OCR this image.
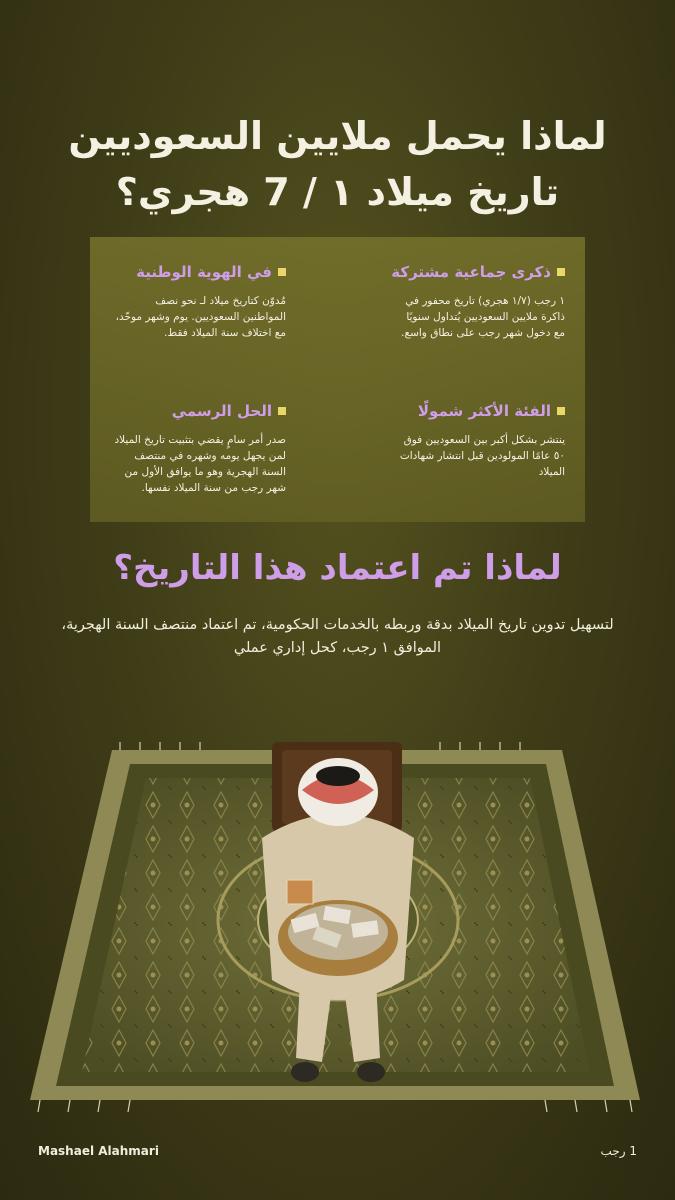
لماذا يحمل ملايين السعوديين
تاريخ ميلاد ١ / 7 هجري؟
ذكرى جماعية مشتركة
١ رجب (١/٧ هجري) تاريخ محفور في ذاكرة ملايين السعوديين يُتداول سنويًا مع دخول شهر رجب على نطاق واسع.
في الهوية الوطنية
مُدوّن كتاريخ ميلاد لـ نحو نصف المواطنين السعوديين. يوم وشهر موحّد، مع اختلاف سنة الميلاد فقط.
الفئة الأكثر شمولًا
ينتشر بشكل أكبر بين السعوديين فوق ٥٠ عامًا المولودين قبل انتشار شهادات الميلاد
الحل الرسمي
صدر أمر سامٍ يقضي بتثبيت تاريخ الميلاد لمن يجهل يومه وشهره في منتصف السنة الهجرية وهو ما يوافق الأول من شهر رجب من سنة الميلاد نفسها.
لماذا تم اعتماد هذا التاريخ؟
لتسهيل تدوين تاريخ الميلاد بدقة وربطه بالخدمات الحكومية، تم اعتماد منتصف السنة الهجرية، الموافق ١ رجب، كحل إداري عملي
Mashael Alahmari	1 رجب
